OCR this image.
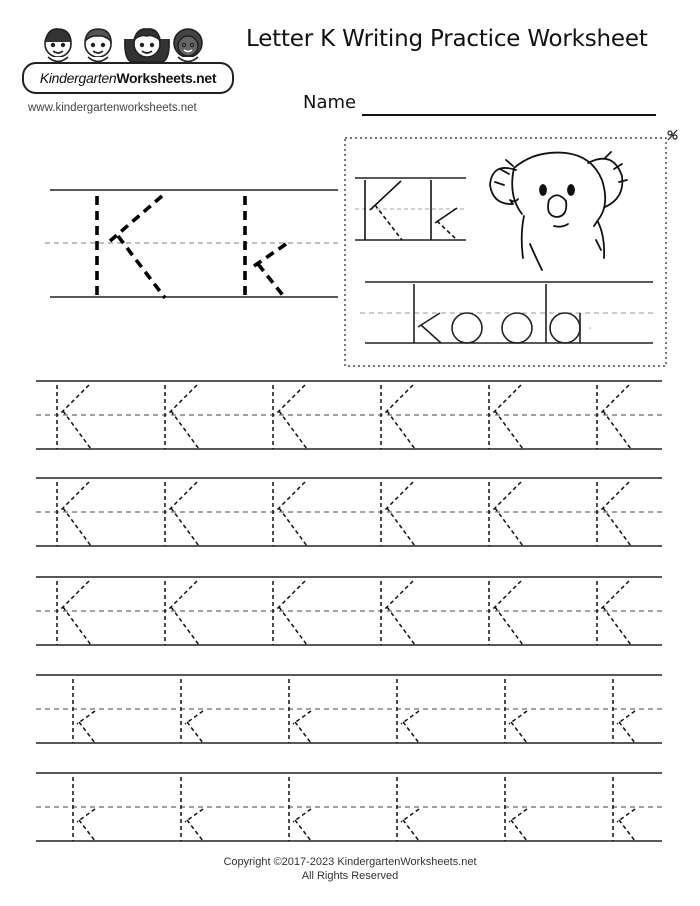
KindergartenWorksheets.net
www.kindergartenworksheets.net
Letter K Writing Practice Worksheet
Name
Copyright ©2017-2023 KindergartenWorksheets.net
All Rights Reserved
